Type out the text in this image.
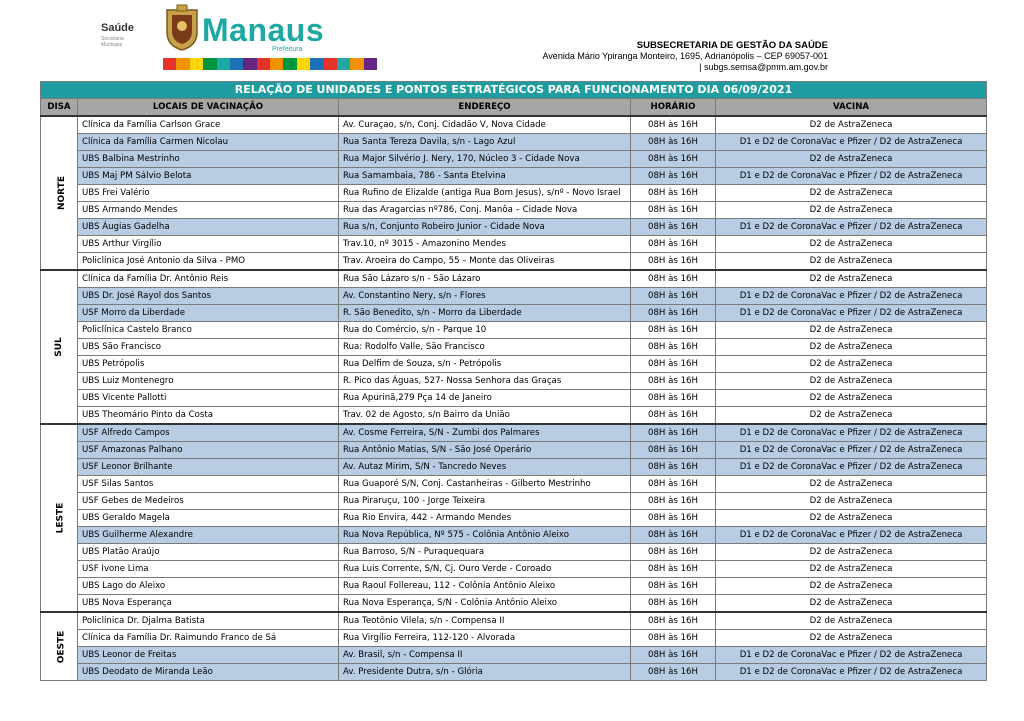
Saúde
Secretaria Municipal	Manaus
Prefeitura	SUBSECRETARIA DE GESTÃO DA SAÚDE
Avenida Mário Ypiranga Monteiro, 1695, Adrianópolis – CEP 69057-001
| subgs.semsa@pmm.am.gov.br
RELAÇÃO DE UNIDADES E PONTOS ESTRATÉGICOS PARA FUNCIONAMENTO DIA 06/09/2021				
DISA	LOCAIS DE VACINAÇÃO	ENDEREÇO	HORÁRIO	VACINA
NORTE	Clínica da Família Carlson Grace	Av. Curaçao, s/n, Conj. Cidadão V, Nova Cidade	08H às 16H	D2 de AstraZeneca
	Clínica da Família Carmen Nicolau	Rua Santa Tereza Davila, s/n - Lago Azul	08H às 16H	D1 e D2 de CoronaVac e Pfizer / D2 de AstraZeneca
	UBS Balbina Mestrinho	Rua Major Silvério J. Nery, 170, Núcleo 3 - Cidade Nova	08H às 16H	D2 de AstraZeneca
	UBS Maj PM Sálvio Belota	Rua Samambaia, 786 - Santa Etelvina	08H às 16H	D1 e D2 de CoronaVac e Pfizer / D2 de AstraZeneca
	UBS Frei Valério	Rua Rufino de Elizalde (antiga Rua Bom Jesus), s/nº - Novo Israel	08H às 16H	D2 de AstraZeneca
	UBS Armando Mendes	Rua das Aragarcias nº786, Conj. Manôa – Cidade Nova	08H às 16H	D2 de AstraZeneca
	UBS Áugias Gadelha	Rua s/n, Conjunto Robeiro Junior - Cidade Nova	08H às 16H	D1 e D2 de CoronaVac e Pfizer / D2 de AstraZeneca
	UBS Arthur Virgílio	Trav.10, nº 3015 - Amazonino Mendes	08H às 16H	D2 de AstraZeneca
	Policlínica José Antonio da Silva - PMO	Trav. Aroeira do Campo, 55 – Monte das Oliveiras	08H às 16H	D2 de AstraZeneca
SUL	Clínica da Família Dr. Antônio Reis	Rua São Lázaro s/n - São Lázaro	08H às 16H	D2 de AstraZeneca
	UBS Dr. José Rayol dos Santos	Av. Constantino Nery, s/n - Flores	08H às 16H	D1 e D2 de CoronaVac e Pfizer / D2 de AstraZeneca
	USF Morro da Liberdade	R. São Benedito, s/n - Morro da Liberdade	08H às 16H	D1 e D2 de CoronaVac e Pfizer / D2 de AstraZeneca
	Policlínica Castelo Branco	Rua do Comércio, s/n - Parque 10	08H às 16H	D2 de AstraZeneca
	UBS São Francisco	Rua: Rodolfo Valle, São Francisco	08H às 16H	D2 de AstraZeneca
	UBS Petrópolis	Rua Delfim de Souza, s/n - Petrópolis	08H às 16H	D2 de AstraZeneca
	UBS Luiz Montenegro	R. Pico das Águas, 527- Nossa Senhora das Graças	08H às 16H	D2 de AstraZeneca
	UBS Vicente Pallotti	Rua Apurinã,279 Pça 14 de Janeiro	08H às 16H	D2 de AstraZeneca
	UBS Theomário Pinto da Costa	Trav. 02 de Agosto, s/n Bairro da União	08H às 16H	D2 de AstraZeneca
LESTE	USF Alfredo Campos	Av. Cosme Ferreira, S/N - Zumbi dos Palmares	08H às 16H	D1 e D2 de CoronaVac e Pfizer / D2 de AstraZeneca
	USF Amazonas Palhano	Rua Antônio Matias, S/N - São José Operário	08H às 16H	D1 e D2 de CoronaVac e Pfizer / D2 de AstraZeneca
	USF Leonor Brilhante	Av. Autaz Mirim, S/N - Tancredo Neves	08H às 16H	D1 e D2 de CoronaVac e Pfizer / D2 de AstraZeneca
	USF Silas Santos	Rua Guaporé S/N, Conj. Castanheiras - Gilberto Mestrinho	08H às 16H	D2 de AstraZeneca
	USF Gebes de Medeiros	Rua Piraruçu, 100 - Jorge Teixeira	08H às 16H	D2 de AstraZeneca
	UBS Geraldo Magela	Rua Rio Envira, 442 - Armando Mendes	08H às 16H	D2 de AstraZeneca
	UBS Guilherme Alexandre	Rua Nova República, Nº 575 - Colônia Antônio Aleixo	08H às 16H	D1 e D2 de CoronaVac e Pfizer / D2 de AstraZeneca
	UBS Platão Araújo	Rua Barroso, S/N - Puraquequara	08H às 16H	D2 de AstraZeneca
	USF Ivone Lima	Rua Luis Corrente, S/N, Cj. Ouro Verde - Coroado	08H às 16H	D2 de AstraZeneca
	UBS Lago do Aleixo	Rua Raoul Follereau, 112 - Colônia Antônio Aleixo	08H às 16H	D2 de AstraZeneca
	UBS Nova Esperança	Rua Nova Esperança, S/N - Colônia Antônio Aleixo	08H às 16H	D2 de AstraZeneca
OESTE	Policlínica Dr. Djalma Batista	Rua Teotônio Vilela, s/n - Compensa II	08H às 16H	D2 de AstraZeneca
	Clínica da Família Dr. Raimundo Franco de Sá	Rua Virgílio Ferreira, 112-120 - Alvorada	08H às 16H	D2 de AstraZeneca
	UBS Leonor de Freitas	Av. Brasil, s/n - Compensa II	08H às 16H	D1 e D2 de CoronaVac e Pfizer / D2 de AstraZeneca
	UBS Deodato de Miranda Leão	Av. Presidente Dutra, s/n - Glória	08H às 16H	D1 e D2 de CoronaVac e Pfizer / D2 de AstraZeneca
